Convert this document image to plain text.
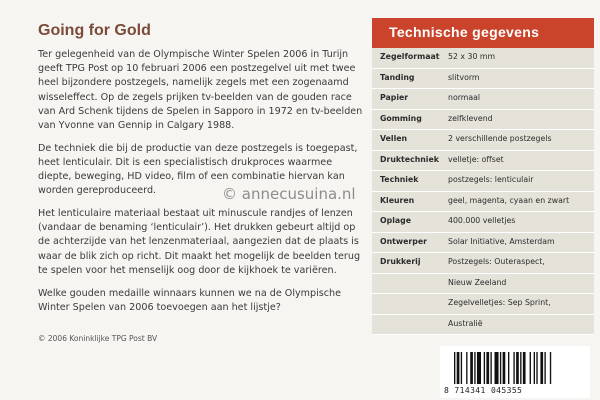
Going for Gold

Ter gelegenheid van de Olympische Winter Spelen 2006 in Turijn geeft TPG Post op 10 februari 2006 een postzegelvel uit met twee heel bijzondere postzegels, namelijk zegels met een zogenaamd wisseleffect. Op de zegels prijken tv-beelden van de gouden race van Ard Schenk tijdens de Spelen in Sapporo in 1972 en tv-beelden van Yvonne van Gennip in Calgary 1988.

De techniek die bij de productie van deze postzegels is toegepast, heet lenticulair. Dit is een specialistisch drukproces waarmee diepte, beweging, HD video, film of een combinatie hiervan kan worden gereproduceerd.

Het lenticulaire materiaal bestaat uit minuscule randjes of lenzen (vandaar de benaming ‘lenticulair’). Het drukken gebeurt altijd op de achterzijde van het lenzenmateriaal, aangezien dat de plaats is waar de blik zich op richt. Dit maakt het mogelijk de beelden terug te spelen voor het menselijk oog door de kijkhoek te variëren.

Welke gouden medaille winnaars kunnen we na de Olympische Winter Spelen van 2006 toevoegen aan het lijstje?

© 2006 Koninklijke TPG Post BV
Technische gegevens
Zegelformaat	52 x 30 mm
Tanding	slitvorm
Papier	normaal
Gomming	zelfklevend
Vellen	2 verschillende postzegels
Druktechniek	velletje: offset
Techniek	postzegels: lenticulair
Kleuren	geel, magenta, cyaan en zwart
Oplage	400.000 velletjes
Ontwerper	Solar Initiative, Amsterdam
Drukkerij	Postzegels: Outeraspect,
Nieuw Zeeland
Zegelvelletjes: Sep Sprint,
Australië
© annecusuina.nl
8 714341 045355
